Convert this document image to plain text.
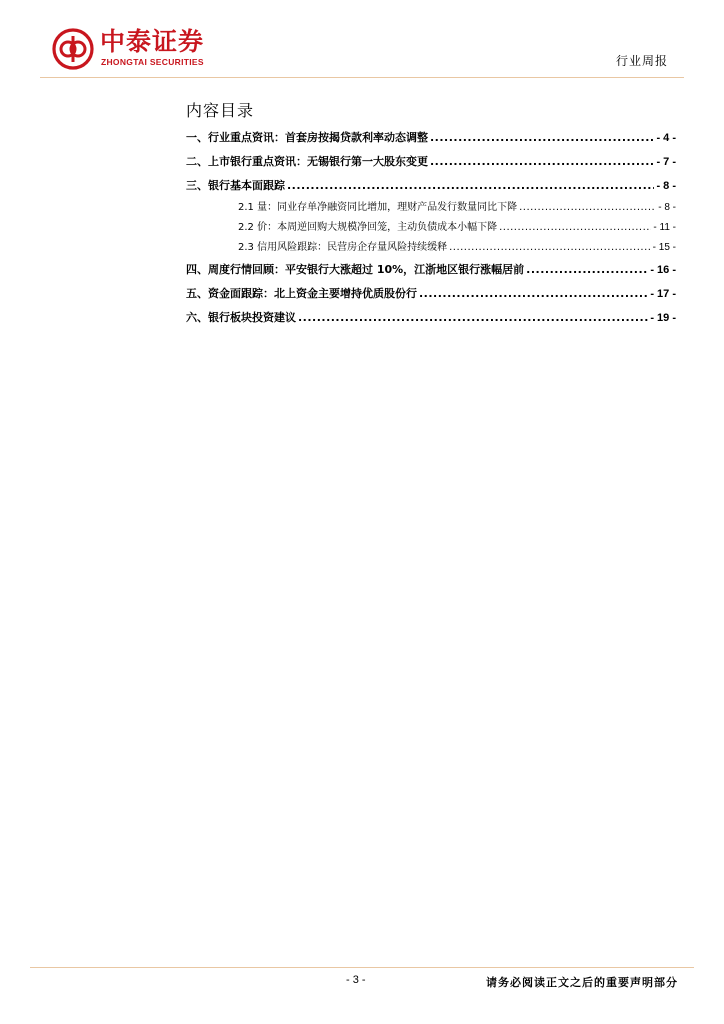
中泰证券
ZHONGTAI SECURITIES	行业周报
内容目录
一、行业重点资讯：首套房按揭贷款利率动态调整 .....	- 4 -
二、上市银行重点资讯：无锡银行第一大股东变更 .....	- 7 -
三、银行基本面跟踪 .....	- 8 -
2.1 量：同业存单净融资同比增加，理财产品发行数量同比下降 .....	- 8 -
2.2 价：本周逆回购大规模净回笼，主动负债成本小幅下降 .....	- 11 -
2.3 信用风险跟踪：民营房企存量风险持续缓释 .....	- 15 -
四、周度行情回顾：平安银行大涨超过 10%，江浙地区银行涨幅居前 .....	- 16 -
五、资金面跟踪：北上资金主要增持优质股份行 .....	- 17 -
六、银行板块投资建议 .....	- 19 -
- 3 -	请务必阅读正文之后的重要声明部分
